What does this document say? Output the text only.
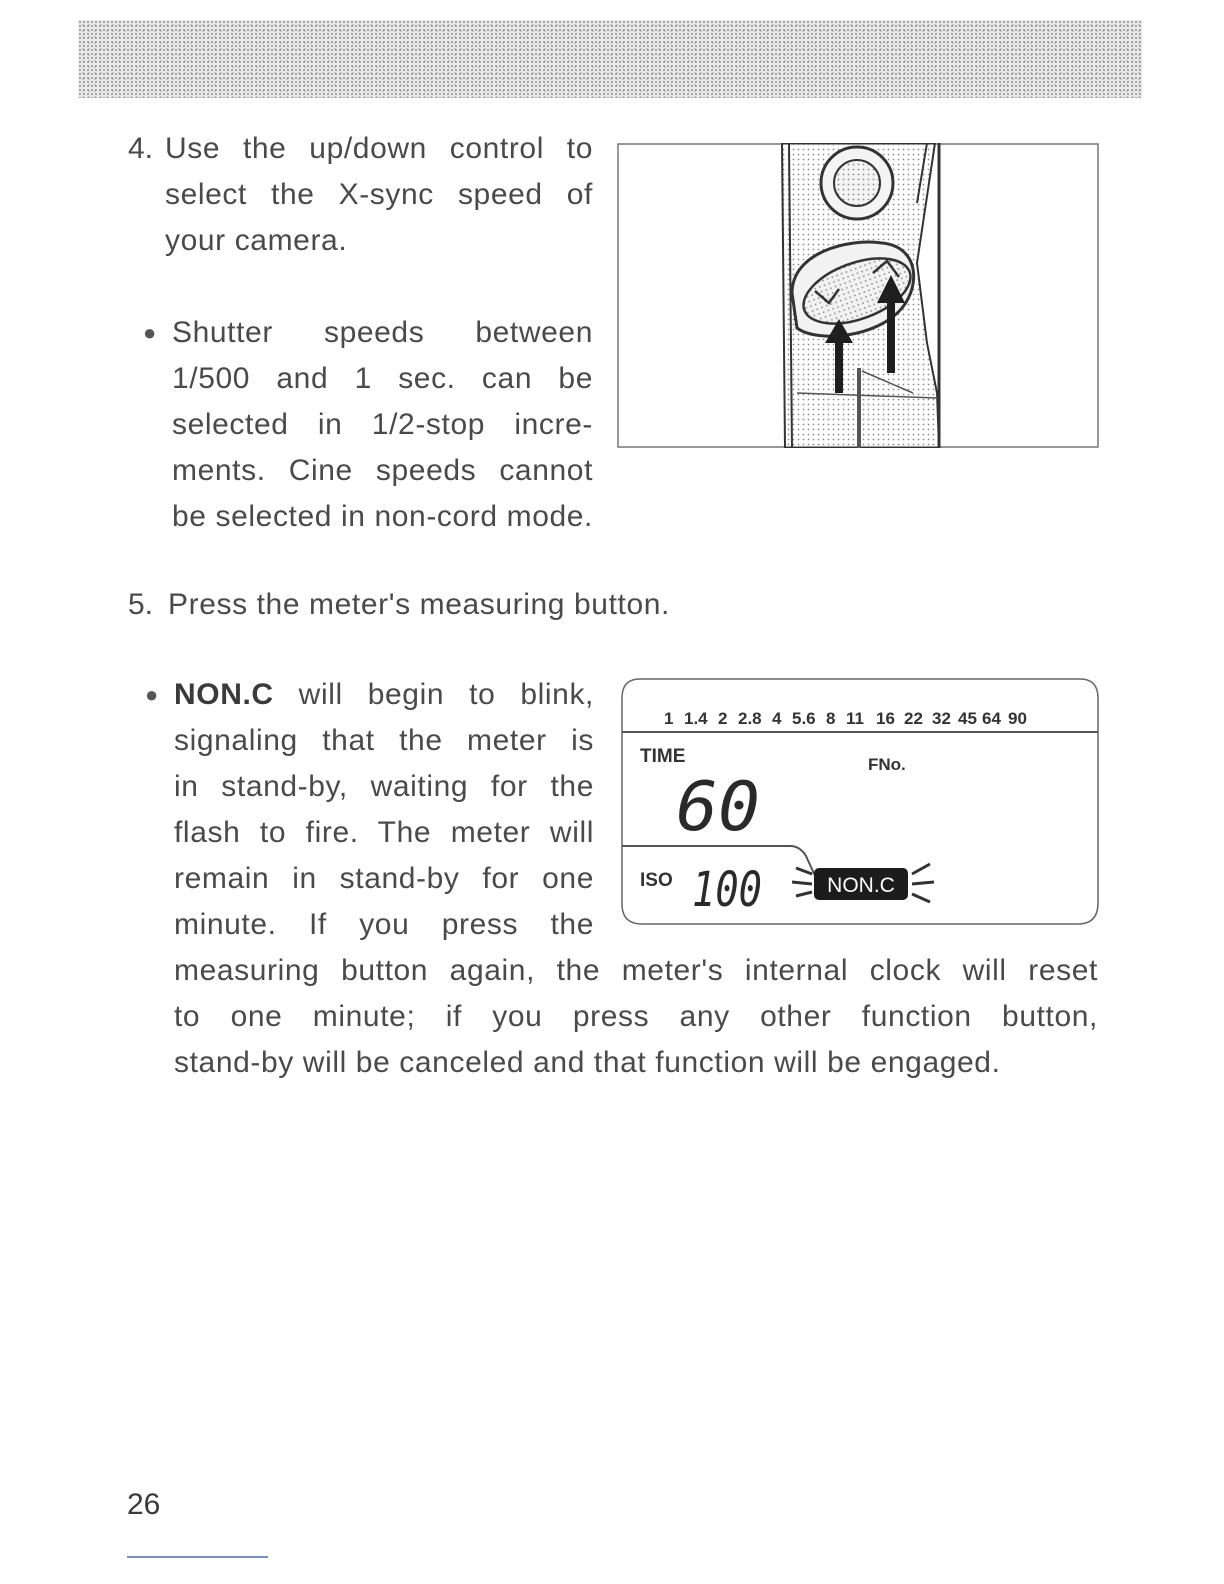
4. Use the up/down control to
select the X-sync speed of
your camera.
● Shutter speeds between
1/500 and 1 sec. can be
selected in 1/2-stop incre-
ments. Cine speeds cannot
be selected in non-cord mode.
5. Press the meter's measuring button.
● NON.C will begin to blink,
signaling that the meter is
in stand-by, waiting for the
flash to fire. The meter will
remain in stand-by for one
minute. If you press the
measuring button again, the meter's internal clock will reset
to one minute; if you press any other function button,
stand-by will be canceled and that function will be engaged.
1 1.4 2 2.8 4 5.6 8 11 16 22 32 45 64 90
TIME	FNo.
60
ISO 100	NON.C
26
